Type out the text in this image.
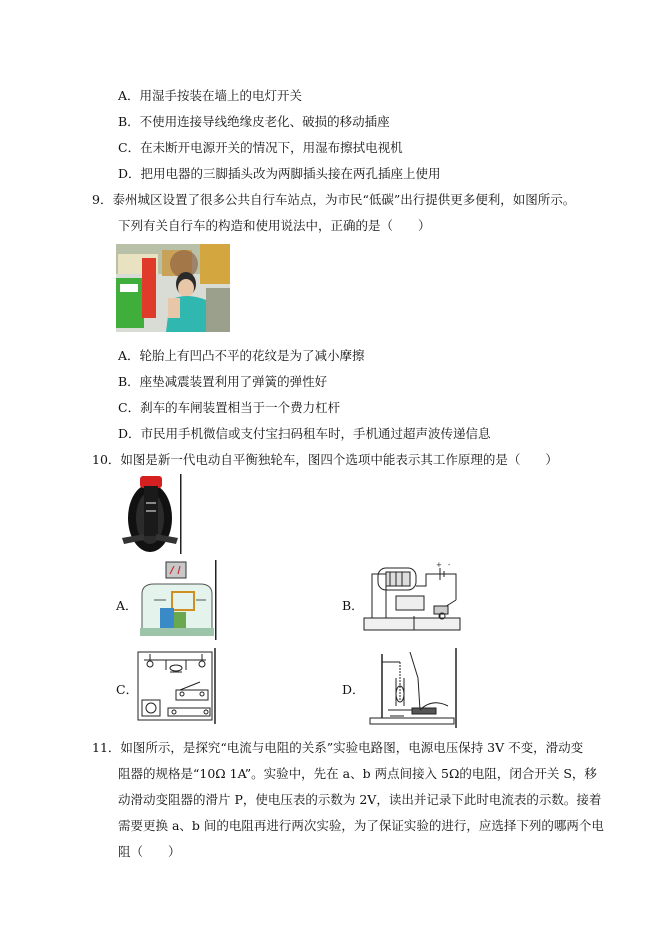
A．用湿手按装在墙上的电灯开关
B．不使用连接导线绝缘皮老化、破损的移动插座
C．在未断开电源开关的情况下，用湿布擦拭电视机
D．把用电器的三脚插头改为两脚插头接在两孔插座上使用
9．泰州城区设置了很多公共自行车站点，为市民“低碳”出行提供更多便利，如图所示。
下列有关自行车的构造和使用说法中，正确的是（　　）
A．轮胎上有凹凸不平的花纹是为了减小摩擦
B．座垫减震装置利用了弹簧的弹性好
C．刹车的车闸装置相当于一个费力杠杆
D．市民用手机微信或支付宝扫码租车时，手机通过超声波传递信息
10．如图是新一代电动自平衡独轮车，图四个选项中能表示其工作原理的是（　　）
A．	B．
+ -
C．	D．
11．如图所示，是探究“电流与电阻的关系”实验电路图，电源电压保持 3V 不变，滑动变
阻器的规格是“10Ω 1A”。实验中，先在 a、b 两点间接入 5Ω的电阻，闭合开关 S，移
动滑动变阻器的滑片 P，使电压表的示数为 2V，读出并记录下此时电流表的示数。接着
需要更换 a、b 间的电阻再进行两次实验，为了保证实验的进行，应选择下列的哪两个电
阻（　　）
